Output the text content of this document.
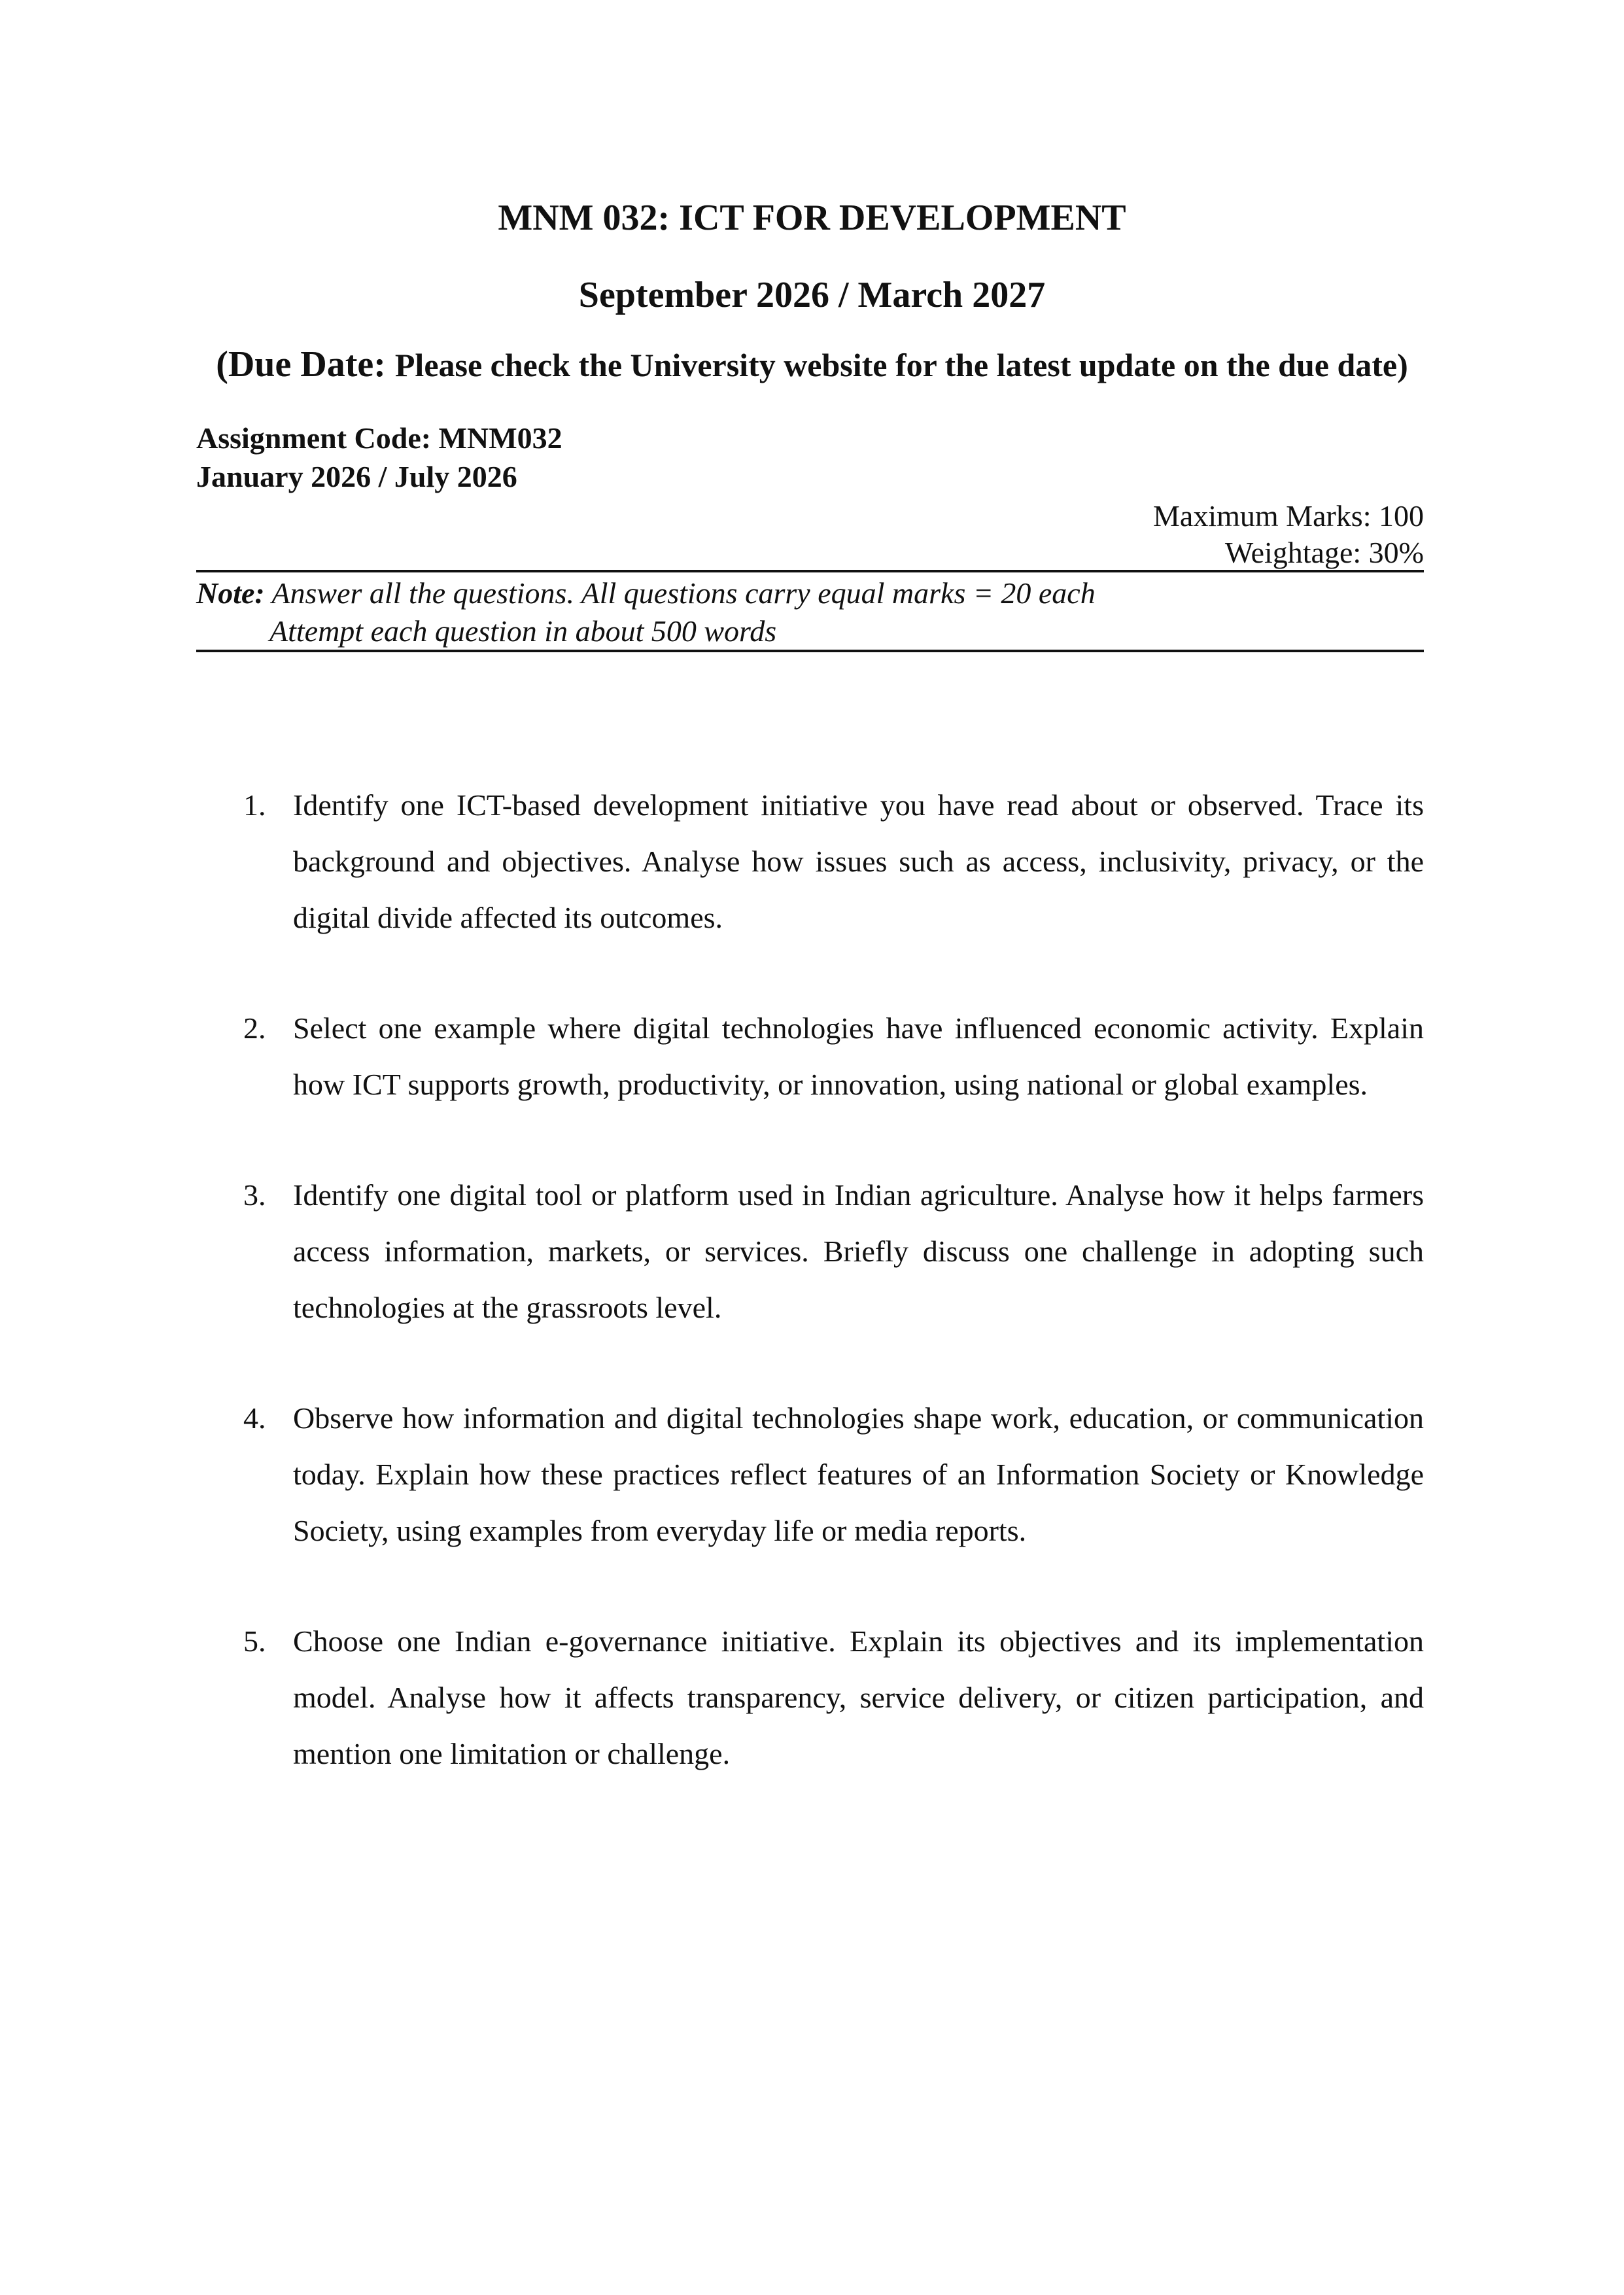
MNM 032: ICT FOR DEVELOPMENT
September 2026 / March 2027
(Due Date: Please check the University website for the latest update on the due date)
Assignment Code: MNM032
January 2026 / July 2026
Maximum Marks: 100
Weightage: 30%
Note: Answer all the questions. All questions carry equal marks = 20 each
Attempt each question in about 500 words
1. Identify one ICT-based development initiative you have read about or observed. Trace its background and objectives. Analyse how issues such as access, inclusivity, privacy, or the digital divide affected its outcomes.
2. Select one example where digital technologies have influenced economic activity. Explain how ICT supports growth, productivity, or innovation, using national or global examples.
3. Identify one digital tool or platform used in Indian agriculture. Analyse how it helps farmers access information, markets, or services. Briefly discuss one challenge in adopting such technologies at the grassroots level.
4. Observe how information and digital technologies shape work, education, or communication today. Explain how these practices reflect features of an Information Society or Knowledge Society, using examples from everyday life or media reports.
5. Choose one Indian e-governance initiative. Explain its objectives and its implementation model. Analyse how it affects transparency, service delivery, or citizen participation, and mention one limitation or challenge.
